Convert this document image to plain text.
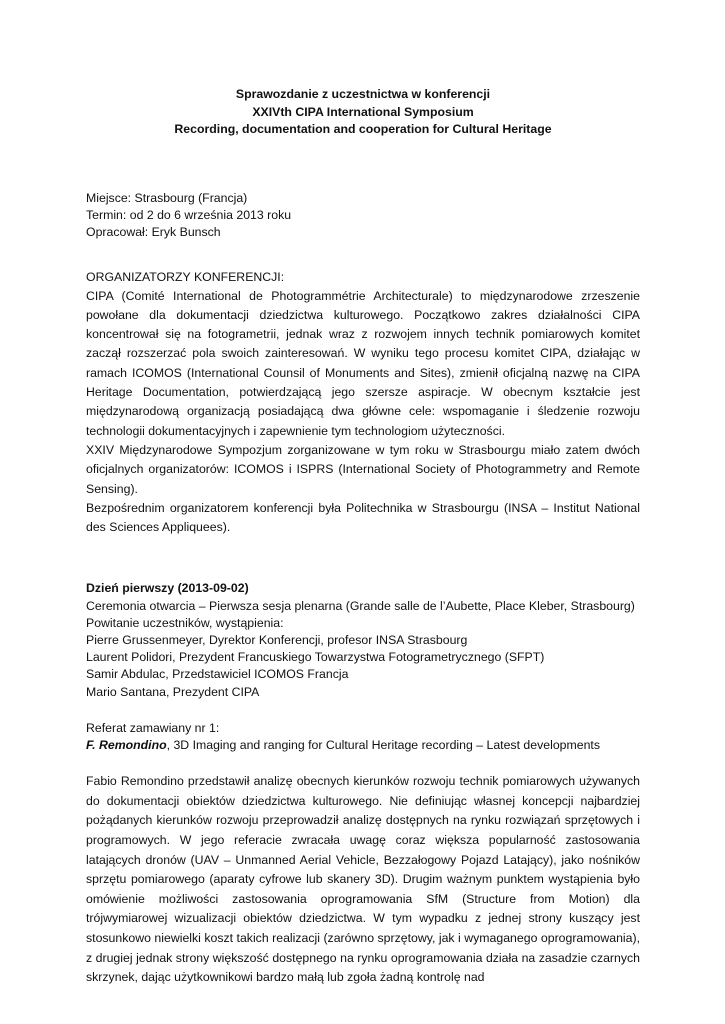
Sprawozdanie z uczestnictwa w konferencji
XXIVth CIPA International Symposium
Recording, documentation and cooperation for Cultural Heritage
Miejsce: Strasbourg (Francja)
Termin: od 2 do 6 września 2013 roku
Opracował: Eryk Bunsch
ORGANIZATORZY KONFERENCJI:
CIPA (Comité International de Photogrammétrie Architecturale) to międzynarodowe zrzeszenie powołane dla dokumentacji dziedzictwa kulturowego. Początkowo zakres działalności CIPA koncentrował się na fotogrametrii, jednak wraz z rozwojem innych technik pomiarowych komitet zaczął rozszerzać pola swoich zainteresowań. W wyniku tego procesu komitet CIPA, działając w ramach ICOMOS (International Counsil of Monuments and Sites), zmienił oficjalną nazwę na CIPA Heritage Documentation, potwierdzającą jego szersze aspiracje. W obecnym kształcie jest międzynarodową organizacją posiadającą dwa główne cele: wspomaganie i śledzenie rozwoju technologii dokumentacyjnych i zapewnienie tym technologiom użyteczności.
XXIV Międzynarodowe Sympozjum zorganizowane w tym roku w Strasbourgu miało zatem dwóch oficjalnych organizatorów: ICOMOS i ISPRS (International Society of Photogrammetry and Remote Sensing).
Bezpośrednim organizatorem konferencji była Politechnika w Strasbourgu (INSA – Institut National des Sciences Appliquees).
Dzień pierwszy (2013-09-02)
Ceremonia otwarcia – Pierwsza sesja plenarna (Grande salle de l’Aubette, Place Kleber, Strasbourg)
Powitanie uczestników, wystąpienia:
Pierre Grussenmeyer, Dyrektor Konferencji, profesor INSA Strasbourg
Laurent Polidori, Prezydent Francuskiego Towarzystwa Fotogrametrycznego (SFPT)
Samir Abdulac, Przedstawiciel ICOMOS Francja
Mario Santana, Prezydent CIPA
Referat zamawiany nr 1:
F. Remondino, 3D Imaging and ranging for Cultural Heritage recording – Latest developments
Fabio Remondino przedstawił analizę obecnych kierunków rozwoju technik pomiarowych używanych do dokumentacji obiektów dziedzictwa kulturowego. Nie definiując własnej koncepcji najbardziej pożądanych kierunków rozwoju przeprowadził analizę dostępnych na rynku rozwiązań sprzętowych i programowych. W jego referacie zwracała uwagę coraz większa popularność zastosowania latających dronów (UAV – Unmanned Aerial Vehicle, Bezzałogowy Pojazd Latający), jako nośników sprzętu pomiarowego (aparaty cyfrowe lub skanery 3D). Drugim ważnym punktem wystąpienia było omówienie możliwości zastosowania oprogramowania SfM (Structure from Motion) dla trójwymiarowej wizualizacji obiektów dziedzictwa. W tym wypadku z jednej strony kuszący jest stosunkowo niewielki koszt takich realizacji (zarówno sprzętowy, jak i wymaganego oprogramowania), z drugiej jednak strony większość dostępnego na rynku oprogramowania działa na zasadzie czarnych skrzynek, dając użytkownikowi bardzo małą lub zgoła żadną kontrolę nad
